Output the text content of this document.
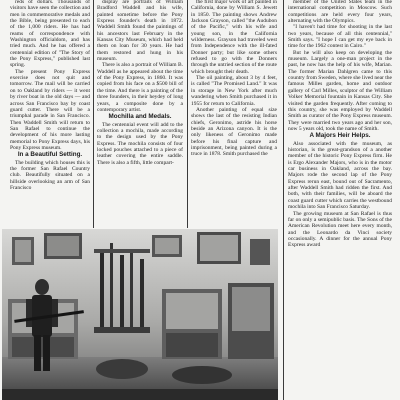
reds of dollars. Thousands of visitors have seen the collection and men in commemorative medals and the Bible, being presented to each of the 1,000 riders. He has had reams of correspondence with Washington officialdom, and has tried much. And he has offered a centennial edition of "The Story of the Pony Express," published last spring.

The present Pony Express exercise does not quit and tomorrow. The mail will be carried on to Oakland by riders — it went by river boat in the old days — and across San Francisco bay by coast guard cutter. There will be a triumphal parade in San Francisco. Then Waddell Smith will return to San Rafael to continue the development of his more lasting memorial to Pony Express days, his Pony Express museum.

In a Beautiful Setting.

The building which houses this is the former San Rafael Country club. Beautifully situated on a hillside overlooking an arm of San Francisco

display are portraits of William Bradford Waddell and his wife, painted sometime before the Pony Express founder's death in 1872. Waddell Smith found the paintings of his ancestors last February in the Kansas City Museum, which had held them on loan for 30 years. He had them restored and hung in his museum.

There is also a portrait of William B. Waddell as he appeared about the time of the Pony Express, in 1860. It was copied from his face on a $500 bill of the time. And there is a painting of the three founders, in their heydey of long years, a composite done by a contemporary artist.

Mochilla and Medals.

The centennial event will add to the collection a mochila, made according to the design used by the Pony Express. The mochila consists of four locked pouches attached to a piece of leather covering the entire saddle. There is also a fifth, little compart-

the first major work of art painted in California, done by William S. Jewett in 1850. The painting shows Andrew Jackson Grayson, called "the Audubon of the Pacific," with his wife and young son, in the California wilderness. Grayson had traveled west from Independence with the ill-fated Donner party; but like some others refused to go with the Donners through the untried section of the route which brought their death.

The oil painting, about 3 by 4 feet, is called "The Promised Land." It was in storage in New York after much wandering when Smith purchased it in 1955 for return to California.

Another painting of equal size shows the last of the resisting Indian chiefs, Geronimo, astride his horse beside an Arizona canyon. It is the only likeness of Geronimo made before his final capture and imprisonment, being painted during a truce in 1878. Smith purchased the

member of the United States team in the international competition in Moscow. Such competitions are held every four years, alternating with the Olympics.

"I haven't had time for shooting in the last two years, because of all this centennial," Smith says. "I hope I can get my eye back in time for the 1962 contest in Cairo."

But he will also keep on developing the museum. Largely a one-man project in the past, he now has the help of his wife, Marian. The former Marian Dahlgren came to this country from Sweden, where she lived near the famous Milles garden, home and outdoor gallery of Carl Milles, sculptor of the William Volker Memorial fountain in Kansas City. She visited the garden frequently. After coming to this country, she was employed by Waddell Smith as curator of the Pony Express museum. They were married two years ago and her son, now 5 years old, took the name of Smith.

A Majors Heir Helps.

Also associated with the museum, as historian, is the great-grandson of a another member of the historic Pony Express firm. He is Ergo Alexander Majors, who is in the motor car business in Oakland, across the bay. Majors rode the second lap of the Pony Express rerun east, bound out of Sacramento, after Waddell Smith had ridden the first. And both, with their families, will be aboard the coast guard cutter which carries the westbound mochila into San Francisco Saturday.

The growing museum at San Rafael is thus far on only a semipublic basis. The Sons of the American Revolution meet here every month, and the Leonardo da Vinci society occasionally. A dinner for the annual Pony Express award
